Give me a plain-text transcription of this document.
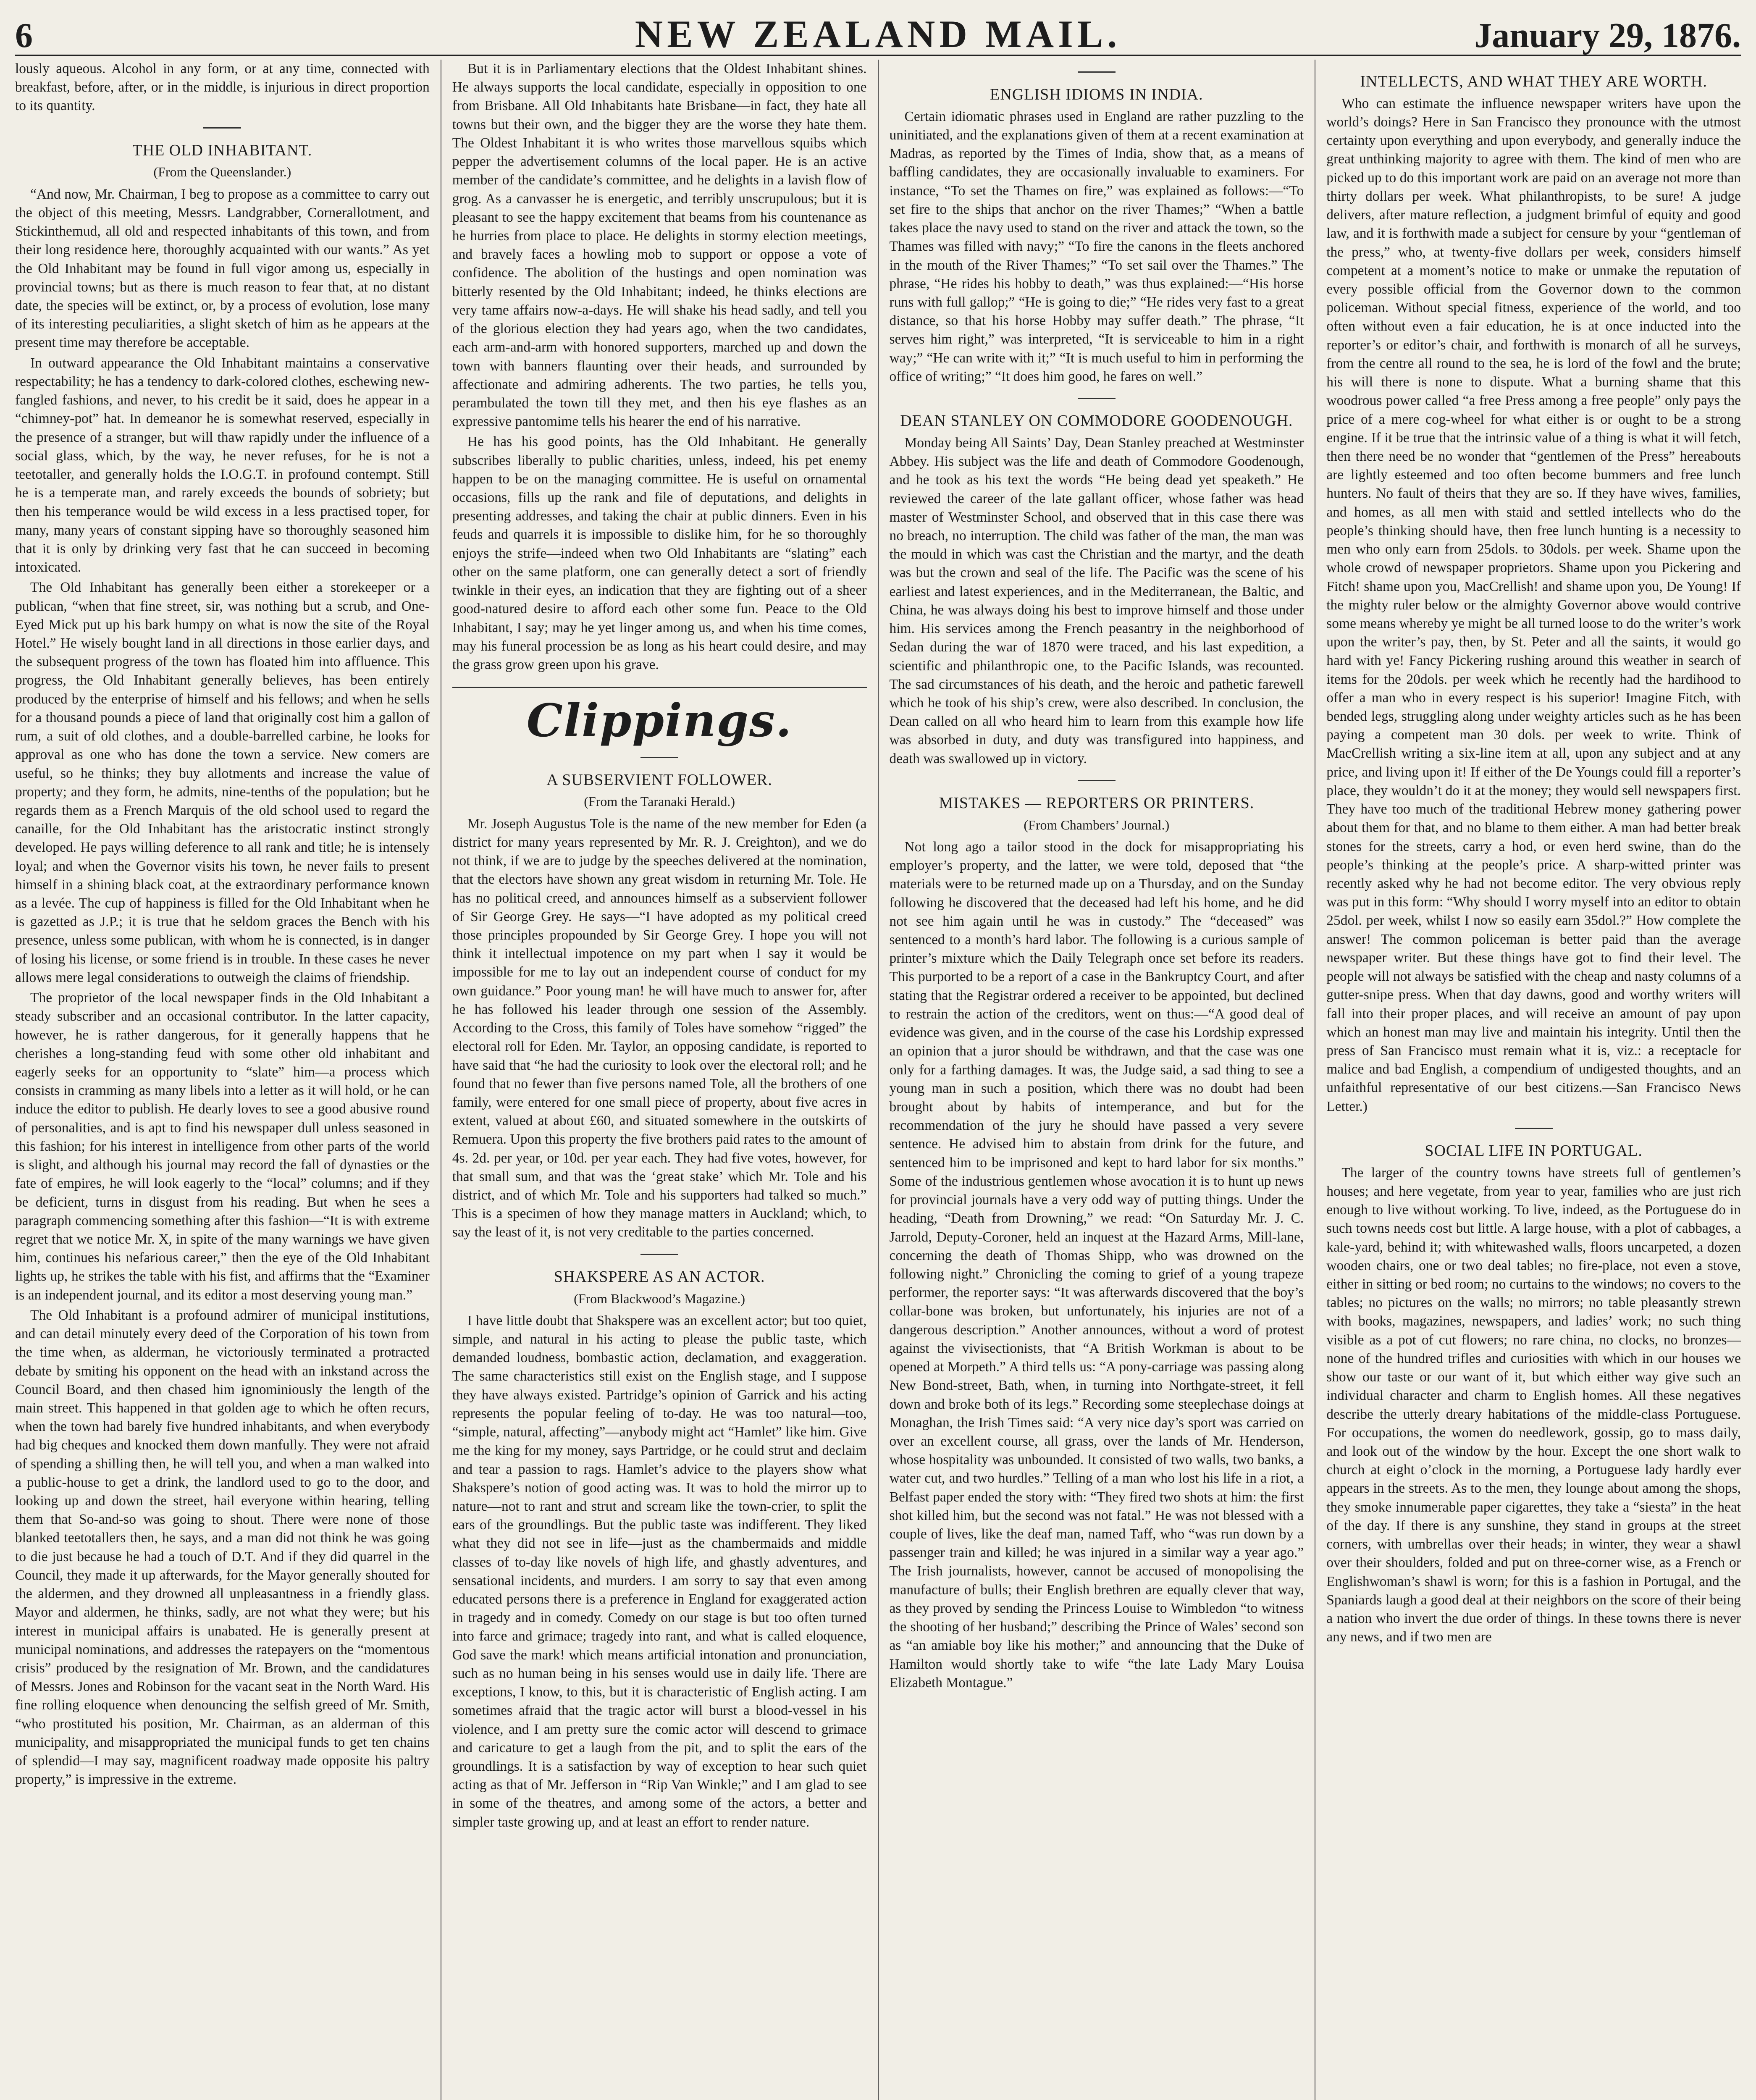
6	NEW ZEALAND MAIL.	January 29, 1876.

lously aqueous. Alcohol in any form, or at any time, connected with breakfast, before, after, or in the middle, is injurious in direct proportion to its quantity.

THE OLD INHABITANT.
(From the Queenslander.)

“And now, Mr. Chairman, I beg to propose as a committee to carry out the object of this meeting, Messrs. Landgrabber, Cornerallotment, and Stickinthemud, all old and respected inhabitants of this town, and from their long residence here, thoroughly acquainted with our wants.” As yet the Old Inhabitant may be found in full vigor among us, especially in provincial towns; but as there is much reason to fear that, at no distant date, the species will be extinct, or, by a process of evolution, lose many of its interesting peculiarities, a slight sketch of him as he appears at the present time may therefore be acceptable.

In outward appearance the Old Inhabitant maintains a conservative respectability; he has a tendency to dark-colored clothes, eschewing new-fangled fashions, and never, to his credit be it said, does he appear in a “chimney-pot” hat. In demeanor he is somewhat reserved, especially in the presence of a stranger, but will thaw rapidly under the influence of a social glass, which, by the way, he never refuses, for he is not a teetotaller, and generally holds the I.O.G.T. in profound contempt. Still he is a temperate man, and rarely exceeds the bounds of sobriety; but then his temperance would be wild excess in a less practised toper, for many, many years of constant sipping have so thoroughly seasoned him that it is only by drinking very fast that he can succeed in becoming intoxicated.

The Old Inhabitant has generally been either a storekeeper or a publican, “when that fine street, sir, was nothing but a scrub, and One-Eyed Mick put up his bark humpy on what is now the site of the Royal Hotel.” He wisely bought land in all directions in those earlier days, and the subsequent progress of the town has floated him into affluence. This progress, the Old Inhabitant generally believes, has been entirely produced by the enterprise of himself and his fellows; and when he sells for a thousand pounds a piece of land that originally cost him a gallon of rum, a suit of old clothes, and a double-barrelled carbine, he looks for approval as one who has done the town a service. New comers are useful, so he thinks; they buy allotments and increase the value of property; and they form, he admits, nine-tenths of the population; but he regards them as a French Marquis of the old school used to regard the canaille, for the Old Inhabitant has the aristocratic instinct strongly developed. He pays willing deference to all rank and title; he is intensely loyal; and when the Governor visits his town, he never fails to present himself in a shining black coat, at the extraordinary performance known as a levée. The cup of happiness is filled for the Old Inhabitant when he is gazetted as J.P.; it is true that he seldom graces the Bench with his presence, unless some publican, with whom he is connected, is in danger of losing his license, or some friend is in trouble. In these cases he never allows mere legal considerations to outweigh the claims of friendship.

The proprietor of the local newspaper finds in the Old Inhabitant a steady subscriber and an occasional contributor. In the latter capacity, however, he is rather dangerous, for it generally happens that he cherishes a long-standing feud with some other old inhabitant and eagerly seeks for an opportunity to “slate” him—a process which consists in cramming as many libels into a letter as it will hold, or he can induce the editor to publish. He dearly loves to see a good abusive round of personalities, and is apt to find his newspaper dull unless seasoned in this fashion; for his interest in intelligence from other parts of the world is slight, and although his journal may record the fall of dynasties or the fate of empires, he will look eagerly to the “local” columns; and if they be deficient, turns in disgust from his reading. But when he sees a paragraph commencing something after this fashion—“It is with extreme regret that we notice Mr. X, in spite of the many warnings we have given him, continues his nefarious career,” then the eye of the Old Inhabitant lights up, he strikes the table with his fist, and affirms that the “Examiner is an independent journal, and its editor a most deserving young man.”

The Old Inhabitant is a profound admirer of municipal institutions, and can detail minutely every deed of the Corporation of his town from the time when, as alderman, he victoriously terminated a protracted debate by smiting his opponent on the head with an inkstand across the Council Board, and then chased him ignominiously the length of the main street. This happened in that golden age to which he often recurs, when the town had barely five hundred inhabitants, and when everybody had big cheques and knocked them down manfully. They were not afraid of spending a shilling then, he will tell you, and when a man walked into a public-house to get a drink, the landlord used to go to the door, and looking up and down the street, hail everyone within hearing, telling them that So-and-so was going to shout. There were none of those blanked teetotallers then, he says, and a man did not think he was going to die just because he had a touch of D.T. And if they did quarrel in the Council, they made it up afterwards, for the Mayor generally shouted for the aldermen, and they drowned all unpleasantness in a friendly glass. Mayor and aldermen, he thinks, sadly, are not what they were; but his interest in municipal affairs is unabated. He is generally present at municipal nominations, and addresses the ratepayers on the “momentous crisis” produced by the resignation of Mr. Brown, and the candidatures of Messrs. Jones and Robinson for the vacant seat in the North Ward. His fine rolling eloquence when denouncing the selfish greed of Mr. Smith, “who prostituted his position, Mr. Chairman, as an alderman of this municipality, and misappropriated the municipal funds to get ten chains of splendid—I may say, magnificent roadway made opposite his paltry property,” is impressive in the extreme.

But it is in Parliamentary elections that the Oldest Inhabitant shines. He always supports the local candidate, especially in opposition to one from Brisbane. All Old Inhabitants hate Brisbane—in fact, they hate all towns but their own, and the bigger they are the worse they hate them. The Oldest Inhabitant it is who writes those marvellous squibs which pepper the advertisement columns of the local paper. He is an active member of the candidate’s committee, and he delights in a lavish flow of grog. As a canvasser he is energetic, and terribly unscrupulous; but it is pleasant to see the happy excitement that beams from his countenance as he hurries from place to place. He delights in stormy election meetings, and bravely faces a howling mob to support or oppose a vote of confidence. The abolition of the hustings and open nomination was bitterly resented by the Old Inhabitant; indeed, he thinks elections are very tame affairs now-a-days. He will shake his head sadly, and tell you of the glorious election they had years ago, when the two candidates, each arm-and-arm with honored supporters, marched up and down the town with banners flaunting over their heads, and surrounded by affectionate and admiring adherents. The two parties, he tells you, perambulated the town till they met, and then his eye flashes as an expressive pantomime tells his hearer the end of his narrative.

He has his good points, has the Old Inhabitant. He generally subscribes liberally to public charities, unless, indeed, his pet enemy happen to be on the managing committee. He is useful on ornamental occasions, fills up the rank and file of deputations, and delights in presenting addresses, and taking the chair at public dinners. Even in his feuds and quarrels it is impossible to dislike him, for he so thoroughly enjoys the strife—indeed when two Old Inhabitants are “slating” each other on the same platform, one can generally detect a sort of friendly twinkle in their eyes, an indication that they are fighting out of a sheer good-natured desire to afford each other some fun. Peace to the Old Inhabitant, I say; may he yet linger among us, and when his time comes, may his funeral procession be as long as his heart could desire, and may the grass grow green upon his grave.

Clippings.
A SUBSERVIENT FOLLOWER.
(From the Taranaki Herald.)

Mr. Joseph Augustus Tole is the name of the new member for Eden (a district for many years represented by Mr. R. J. Creighton), and we do not think, if we are to judge by the speeches delivered at the nomination, that the electors have shown any great wisdom in returning Mr. Tole. He has no political creed, and announces himself as a subservient follower of Sir George Grey. He says—“I have adopted as my political creed those principles propounded by Sir George Grey. I hope you will not think it intellectual impotence on my part when I say it would be impossible for me to lay out an independent course of conduct for my own guidance.” Poor young man! he will have much to answer for, after he has followed his leader through one session of the Assembly. According to the Cross, this family of Toles have somehow “rigged” the electoral roll for Eden. Mr. Taylor, an opposing candidate, is reported to have said that “he had the curiosity to look over the electoral roll; and he found that no fewer than five persons named Tole, all the brothers of one family, were entered for one small piece of property, about five acres in extent, valued at about £60, and situated somewhere in the outskirts of Remuera. Upon this property the five brothers paid rates to the amount of 4s. 2d. per year, or 10d. per year each. They had five votes, however, for that small sum, and that was the ‘great stake’ which Mr. Tole and his district, and of which Mr. Tole and his supporters had talked so much.” This is a specimen of how they manage matters in Auckland; which, to say the least of it, is not very creditable to the parties concerned.

SHAKSPERE AS AN ACTOR.
(From Blackwood’s Magazine.)

I have little doubt that Shakspere was an excellent actor; but too quiet, simple, and natural in his acting to please the public taste, which demanded loudness, bombastic action, declamation, and exaggeration. The same characteristics still exist on the English stage, and I suppose they have always existed. Partridge’s opinion of Garrick and his acting represents the popular feeling of to-day. He was too natural—too, “simple, natural, affecting”—anybody might act “Hamlet” like him. Give me the king for my money, says Partridge, or he could strut and declaim and tear a passion to rags. Hamlet’s advice to the players show what Shakspere’s notion of good acting was. It was to hold the mirror up to nature—not to rant and strut and scream like the town-crier, to split the ears of the groundlings. But the public taste was indifferent. They liked what they did not see in life—just as the chambermaids and middle classes of to-day like novels of high life, and ghastly adventures, and sensational incidents, and murders. I am sorry to say that even among educated persons there is a preference in England for exaggerated action in tragedy and in comedy. Comedy on our stage is but too often turned into farce and grimace; tragedy into rant, and what is called eloquence, God save the mark! which means artificial intonation and pronunciation, such as no human being in his senses would use in daily life. There are exceptions, I know, to this, but it is characteristic of English acting. I am sometimes afraid that the tragic actor will burst a blood-vessel in his violence, and I am pretty sure the comic actor will descend to grimace and caricature to get a laugh from the pit, and to split the ears of the groundlings. It is a satisfaction by way of exception to hear such quiet acting as that of Mr. Jefferson in “Rip Van Winkle;” and I am glad to see in some of the theatres, and among some of the actors, a better and simpler taste growing up, and at least an effort to render nature.

ENGLISH IDIOMS IN INDIA.

Certain idiomatic phrases used in England are rather puzzling to the uninitiated, and the explanations given of them at a recent examination at Madras, as reported by the Times of India, show that, as a means of baffling candidates, they are occasionally invaluable to examiners. For instance, “To set the Thames on fire,” was explained as follows:—“To set fire to the ships that anchor on the river Thames;” “When a battle takes place the navy used to stand on the river and attack the town, so the Thames was filled with navy;” “To fire the canons in the fleets anchored in the mouth of the River Thames;” “To set sail over the Thames.” The phrase, “He rides his hobby to death,” was thus explained:—“His horse runs with full gallop;” “He is going to die;” “He rides very fast to a great distance, so that his horse Hobby may suffer death.” The phrase, “It serves him right,” was interpreted, “It is serviceable to him in a right way;” “He can write with it;” “It is much useful to him in performing the office of writing;” “It does him good, he fares on well.”

DEAN STANLEY ON COMMODORE GOODENOUGH.

Monday being All Saints’ Day, Dean Stanley preached at Westminster Abbey. His subject was the life and death of Commodore Goodenough, and he took as his text the words “He being dead yet speaketh.” He reviewed the career of the late gallant officer, whose father was head master of Westminster School, and observed that in this case there was no breach, no interruption. The child was father of the man, the man was the mould in which was cast the Christian and the martyr, and the death was but the crown and seal of the life. The Pacific was the scene of his earliest and latest experiences, and in the Mediterranean, the Baltic, and China, he was always doing his best to improve himself and those under him. His services among the French peasantry in the neighborhood of Sedan during the war of 1870 were traced, and his last expedition, a scientific and philanthropic one, to the Pacific Islands, was recounted. The sad circumstances of his death, and the heroic and pathetic farewell which he took of his ship’s crew, were also described. In conclusion, the Dean called on all who heard him to learn from this example how life was absorbed in duty, and duty was transfigured into happiness, and death was swallowed up in victory.

MISTAKES — REPORTERS OR PRINTERS.
(From Chambers’ Journal.)

Not long ago a tailor stood in the dock for misappropriating his employer’s property, and the latter, we were told, deposed that “the materials were to be returned made up on a Thursday, and on the Sunday following he discovered that the deceased had left his home, and he did not see him again until he was in custody.” The “deceased” was sentenced to a month’s hard labor. The following is a curious sample of printer’s mixture which the Daily Telegraph once set before its readers. This purported to be a report of a case in the Bankruptcy Court, and after stating that the Registrar ordered a receiver to be appointed, but declined to restrain the action of the creditors, went on thus:—“A good deal of evidence was given, and in the course of the case his Lordship expressed an opinion that a juror should be withdrawn, and that the case was one only for a farthing damages. It was, the Judge said, a sad thing to see a young man in such a position, which there was no doubt had been brought about by habits of intemperance, and but for the recommendation of the jury he should have passed a very severe sentence. He advised him to abstain from drink for the future, and sentenced him to be imprisoned and kept to hard labor for six months.” Some of the industrious gentlemen whose avocation it is to hunt up news for provincial journals have a very odd way of putting things. Under the heading, “Death from Drowning,” we read: “On Saturday Mr. J. C. Jarrold, Deputy-Coroner, held an inquest at the Hazard Arms, Mill-lane, concerning the death of Thomas Shipp, who was drowned on the following night.” Chronicling the coming to grief of a young trapeze performer, the reporter says: “It was afterwards discovered that the boy’s collar-bone was broken, but unfortunately, his injuries are not of a dangerous description.” Another announces, without a word of protest against the vivisectionists, that “A British Workman is about to be opened at Morpeth.” A third tells us: “A pony-carriage was passing along New Bond-street, Bath, when, in turning into Northgate-street, it fell down and broke both of its legs.” Recording some steeplechase doings at Monaghan, the Irish Times said: “A very nice day’s sport was carried on over an excellent course, all grass, over the lands of Mr. Henderson, whose hospitality was unbounded. It consisted of two walls, two banks, a water cut, and two hurdles.” Telling of a man who lost his life in a riot, a Belfast paper ended the story with: “They fired two shots at him: the first shot killed him, but the second was not fatal.” He was not blessed with a couple of lives, like the deaf man, named Taff, who “was run down by a passenger train and killed; he was injured in a similar way a year ago.” The Irish journalists, however, cannot be accused of monopolising the manufacture of bulls; their English brethren are equally clever that way, as they proved by sending the Princess Louise to Wimbledon “to witness the shooting of her husband;” describing the Prince of Wales’ second son as “an amiable boy like his mother;” and announcing that the Duke of Hamilton would shortly take to wife “the late Lady Mary Louisa Elizabeth Montague.”

INTELLECTS, AND WHAT THEY ARE WORTH.

Who can estimate the influence newspaper writers have upon the world’s doings? Here in San Francisco they pronounce with the utmost certainty upon everything and upon everybody, and generally induce the great unthinking majority to agree with them. The kind of men who are picked up to do this important work are paid on an average not more than thirty dollars per week. What philanthropists, to be sure! A judge delivers, after mature reflection, a judgment brimful of equity and good law, and it is forthwith made a subject for censure by your “gentleman of the press,” who, at twenty-five dollars per week, considers himself competent at a moment’s notice to make or unmake the reputation of every possible official from the Governor down to the common policeman. Without special fitness, experience of the world, and too often without even a fair education, he is at once inducted into the reporter’s or editor’s chair, and forthwith is monarch of all he surveys, from the centre all round to the sea, he is lord of the fowl and the brute; his will there is none to dispute. What a burning shame that this woodrous power called “a free Press among a free people” only pays the price of a mere cog-wheel for what either is or ought to be a strong engine. If it be true that the intrinsic value of a thing is what it will fetch, then there need be no wonder that “gentlemen of the Press” hereabouts are lightly esteemed and too often become bummers and free lunch hunters. No fault of theirs that they are so. If they have wives, families, and homes, as all men with staid and settled intellects who do the people’s thinking should have, then free lunch hunting is a necessity to men who only earn from 25dols. to 30dols. per week. Shame upon the whole crowd of newspaper proprietors. Shame upon you Pickering and Fitch! shame upon you, MacCrellish! and shame upon you, De Young! If the mighty ruler below or the almighty Governor above would contrive some means whereby ye might be all turned loose to do the writer’s work upon the writer’s pay, then, by St. Peter and all the saints, it would go hard with ye! Fancy Pickering rushing around this weather in search of items for the 20dols. per week which he recently had the hardihood to offer a man who in every respect is his superior! Imagine Fitch, with bended legs, struggling along under weighty articles such as he has been paying a competent man 30 dols. per week to write. Think of MacCrellish writing a six-line item at all, upon any subject and at any price, and living upon it! If either of the De Youngs could fill a reporter’s place, they wouldn’t do it at the money; they would sell newspapers first. They have too much of the traditional Hebrew money gathering power about them for that, and no blame to them either. A man had better break stones for the streets, carry a hod, or even herd swine, than do the people’s thinking at the people’s price. A sharp-witted printer was recently asked why he had not become editor. The very obvious reply was put in this form: “Why should I worry myself into an editor to obtain 25dol. per week, whilst I now so easily earn 35dol.?” How complete the answer! The common policeman is better paid than the average newspaper writer. But these things have got to find their level. The people will not always be satisfied with the cheap and nasty columns of a gutter-snipe press. When that day dawns, good and worthy writers will fall into their proper places, and will receive an amount of pay upon which an honest man may live and maintain his integrity. Until then the press of San Francisco must remain what it is, viz.: a receptacle for malice and bad English, a compendium of undigested thoughts, and an unfaithful representative of our best citizens.—San Francisco News Letter.)

SOCIAL LIFE IN PORTUGAL.

The larger of the country towns have streets full of gentlemen’s houses; and here vegetate, from year to year, families who are just rich enough to live without working. To live, indeed, as the Portuguese do in such towns needs cost but little. A large house, with a plot of cabbages, a kale-yard, behind it; with whitewashed walls, floors uncarpeted, a dozen wooden chairs, one or two deal tables; no fire-place, not even a stove, either in sitting or bed room; no curtains to the windows; no covers to the tables; no pictures on the walls; no mirrors; no table pleasantly strewn with books, magazines, newspapers, and ladies’ work; no such thing visible as a pot of cut flowers; no rare china, no clocks, no bronzes—none of the hundred trifles and curiosities with which in our houses we show our taste or our want of it, but which either way give such an individual character and charm to English homes. All these negatives describe the utterly dreary habitations of the middle-class Portuguese. For occupations, the women do needlework, gossip, go to mass daily, and look out of the window by the hour. Except the one short walk to church at eight o’clock in the morning, a Portuguese lady hardly ever appears in the streets. As to the men, they lounge about among the shops, they smoke innumerable paper cigarettes, they take a “siesta” in the heat of the day. If there is any sunshine, they stand in groups at the street corners, with umbrellas over their heads; in winter, they wear a shawl over their shoulders, folded and put on three-corner wise, as a French or Englishwoman’s shawl is worn; for this is a fashion in Portugal, and the Spaniards laugh a good deal at their neighbors on the score of their being a nation who invert the due order of things. In these towns there is never any news, and if two men are
